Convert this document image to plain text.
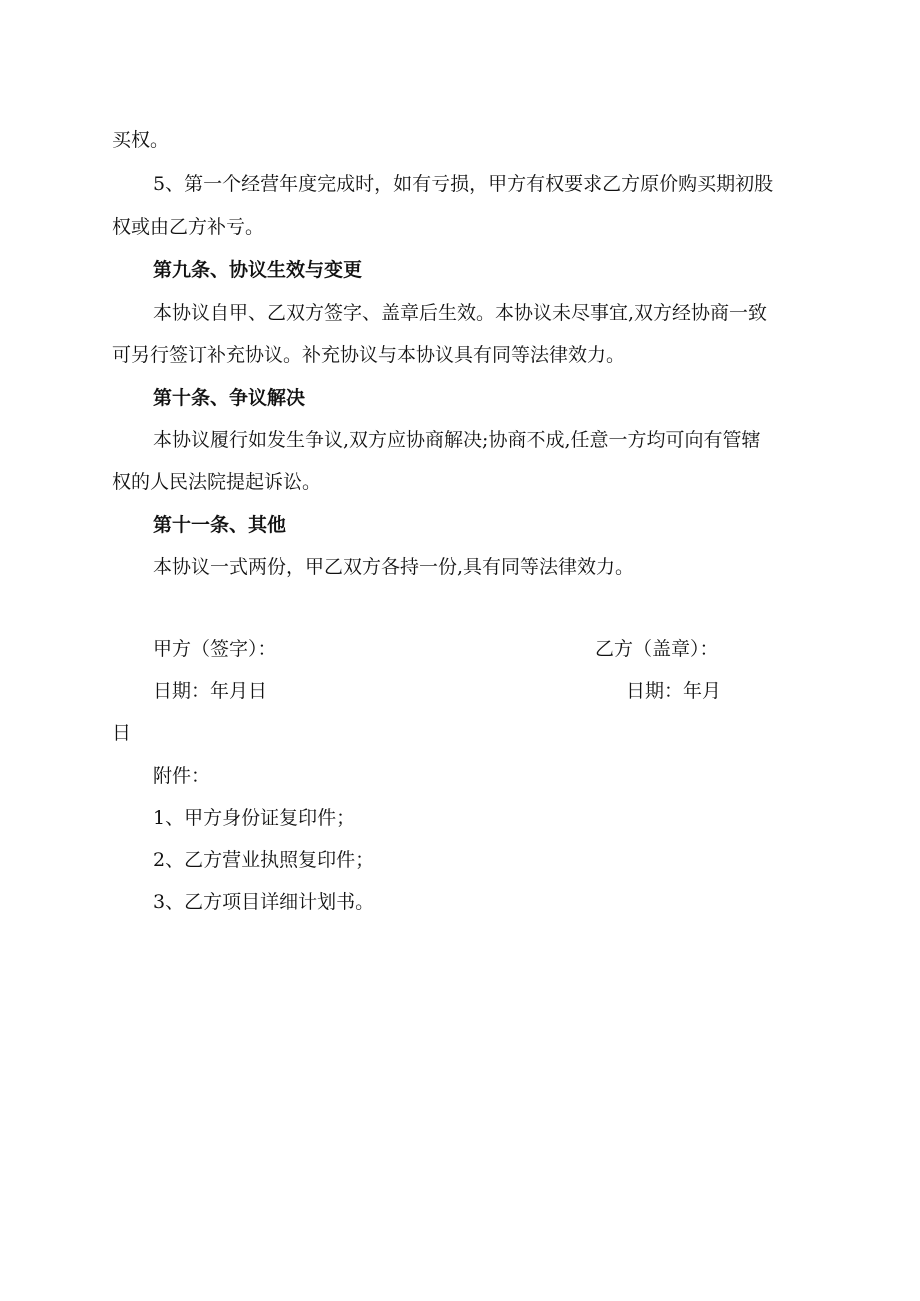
买权。

5、第一个经营年度完成时，如有亏损，甲方有权要求乙方原价购买期初股

权或由乙方补亏。

第九条、协议生效与变更

本协议自甲、乙双方签字、盖章后生效。本协议未尽事宜,双方经协商一致

可另行签订补充协议。补充协议与本协议具有同等法律效力。

第十条、争议解决

本协议履行如发生争议,双方应协商解决;协商不成,任意一方均可向有管辖

权的人民法院提起诉讼。

第十一条、其他

本协议一式两份，甲乙双方各持一份,具有同等法律效力。

甲方（签字）：	乙方（盖章）：

日期：年月日	日期：年月

日

附件：

1、甲方身份证复印件；

2、乙方营业执照复印件；

3、乙方项目详细计划书。
